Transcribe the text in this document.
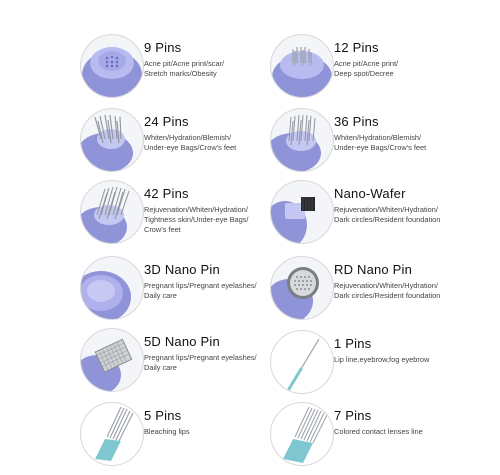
9 Pins
Acne pit/Acne print/scar/
Stretch marks/Obesity
12 Pins
Acne pit/Acne print/
Deep spot/Decree
24 Pins
Whiten/Hydration/Blemish/
Under-eye Bags/Crow's feet
36 Pins
Whiten/Hydration/Blemish/
Under-eye Bags/Crow's feet
42 Pins
Rejuvenation/Whiten/Hydration/
Tightness skin/Under-eye Bags/
Crow's feet
Nano-Wafer
Rejuvenation/Whiten/Hydration/
Dark circles/Resident foundation
3D Nano Pin
Pregnant lips/Pregnant eyelashes/
Daily care
RD Nano Pin
Rejuvenation/Whiten/Hydration/
Dark circles/Resident foundation
5D Nano Pin
Pregnant lips/Pregnant eyelashes/
Daily care
1 Pins
Lip line,eyebrow,fog eyebrow
5 Pins
Bleaching lips
7 Pins
Colored contact lenses line
